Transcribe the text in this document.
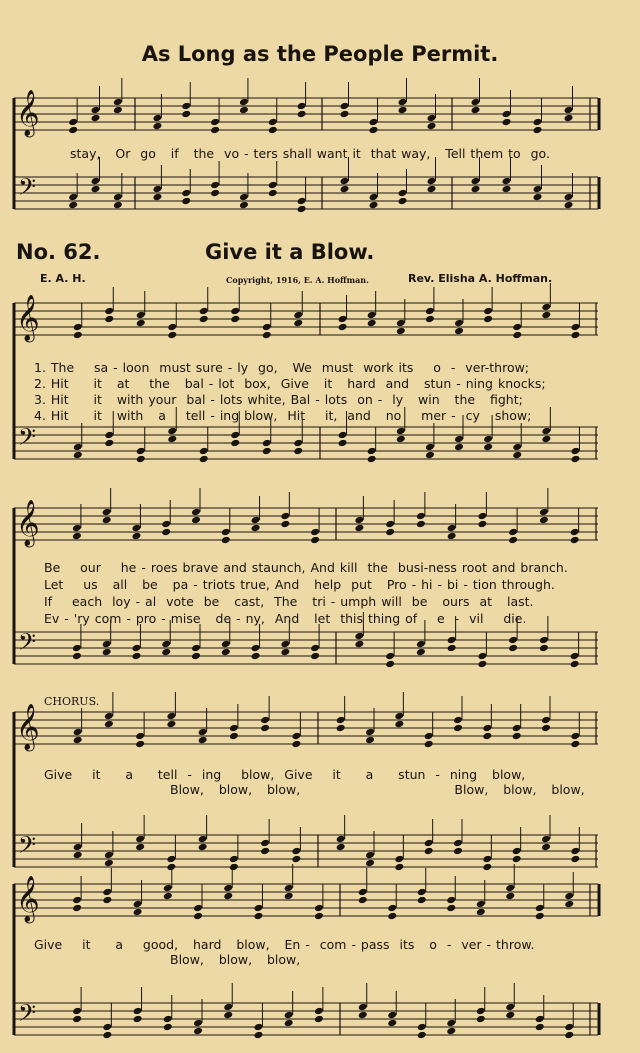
As Long as the People Permit.
No. 62.	Give it a Blow.
E. A. H.	Copyright, 1916, E. A. Hoffman.	Rev. Elisha A. Hoffman.
CHORUS.
𝄞
𝄢
𝄞
𝄢
𝄞
𝄢
𝄞
𝄢
𝄞
𝄢
stay,   Or  go   if   the  vo - ters shall want it  that way,   Tell them to  go.
1. The    sa - loon  must sure - ly  go,   We  must  work its    o  -  ver-throw;
2. Hit     it   at    the   bal - lot  box,  Give   it   hard  and   stun - ning knocks;
3. Hit     it   with your  bal - lots white, Bal - lots  on -  ly   win   the   fight;
4. Hit     it   with   a    tell - ing blow,  Hit    it,  and   no    mer -  cy   show;
Be    our    he - roes brave and staunch, And kill  the  busi-ness root and branch.
Let    us   all   be   pa - triots true, And   help  put   Pro - hi - bi - tion through.
If    each  loy - al  vote  be   cast,  The   tri - umph will  be   ours  at   last.
Ev - 'ry com - pro - mise   de - ny,  And   let  this thing of    e  -  vil    die.
Give    it     a     tell  -  ing    blow,  Give    it     a     stun  -  ning   blow,
Blow,   blow,   blow,                               Blow,   blow,   blow,
Give    it     a    good,   hard   blow,   En -  com - pass  its   o  -  ver - throw.
Blow,   blow,   blow,
